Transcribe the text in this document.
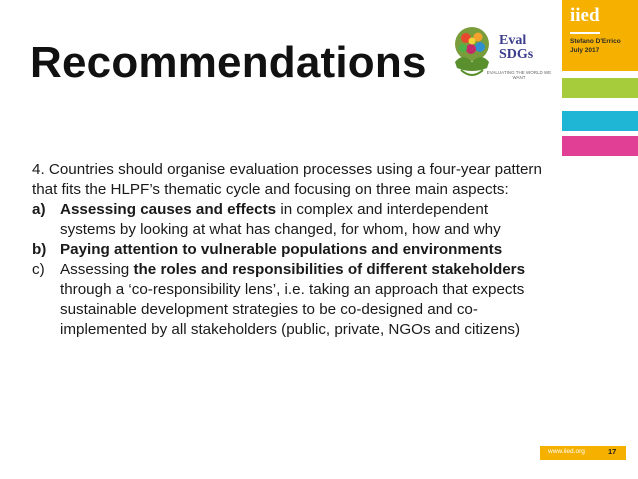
Recommendations	Eval
SDGs
EVALUATING THE WORLD WE WANT
iied
Stefano D'Errico
July 2017

4. Countries should organise evaluation processes using a four-year pattern that fits the HLPF’s thematic cycle and focusing on three main aspects:

a) Assessing causes and effects in complex and interdependent systems by looking at what has changed, for whom, how and why
b) Paying attention to vulnerable populations and environments
c) Assessing the roles and responsibilities of different stakeholders through a ‘co-responsibility lens’, i.e. taking an approach that expects sustainable development strategies to be co-designed and co-implemented by all stakeholders (public, private, NGOs and citizens)
www.iied.org	17
